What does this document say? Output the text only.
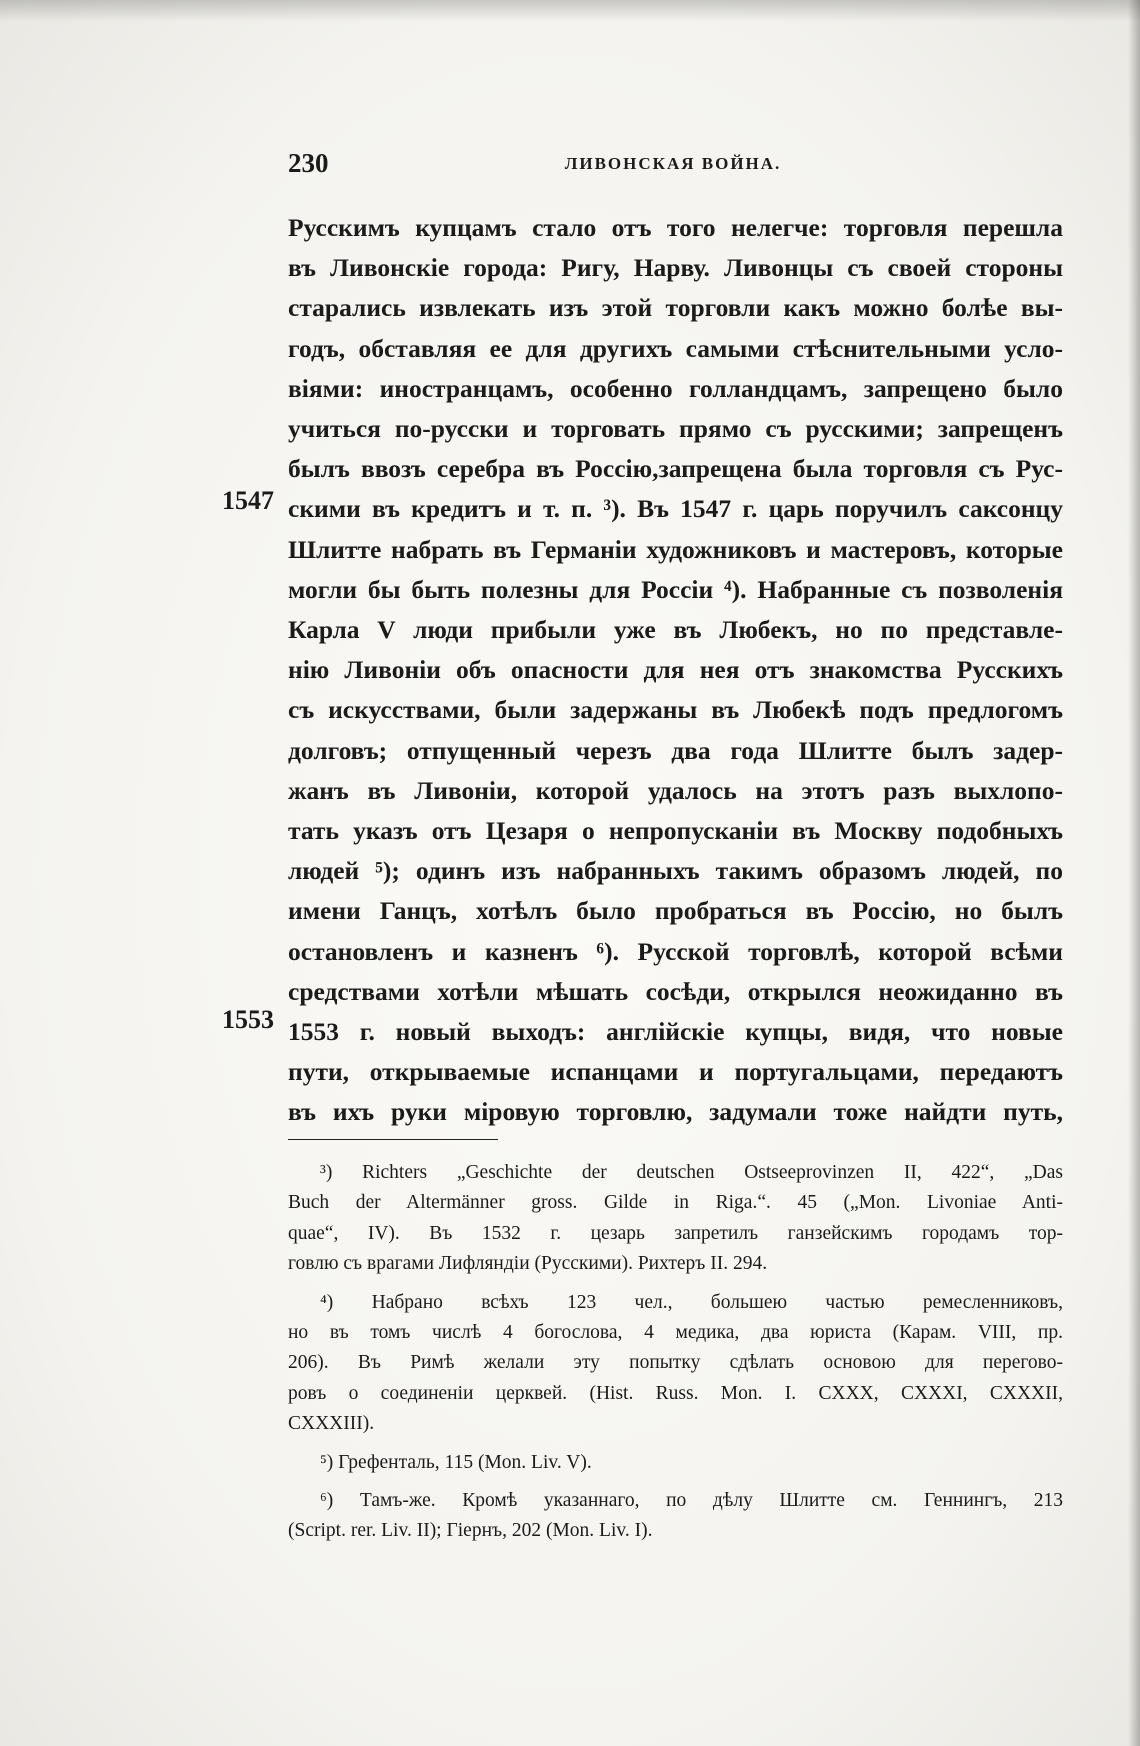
230	ЛИВОНСКАЯ ВОЙНА.
1547
1553
Русскимъ купцамъ стало отъ того нелегче: торговля перешла
въ Ливонскіе города: Ригу, Нарву. Ливонцы съ своей стороны
старались извлекать изъ этой торговли какъ можно болѣе вы-
годъ, обставляя ее для другихъ самыми стѣснительными усло-
віями: иностранцамъ, особенно голландцамъ, запрещено было
учиться по-русски и торговать прямо съ русскими; запрещенъ
былъ ввозъ серебра въ Россію,запрещена была торговля съ Рус-
скими въ кредитъ и т. п. ³). Въ 1547 г. царь поручилъ саксонцу
Шлитте набрать въ Германіи художниковъ и мастеровъ, которые
могли бы быть полезны для Россіи ⁴). Набранные съ позволенія
Карла V люди прибыли уже въ Любекъ, но по представле-
нію Ливоніи объ опасности для нея отъ знакомства Русскихъ
съ искусствами, были задержаны въ Любекѣ подъ предлогомъ
долговъ; отпущенный черезъ два года Шлитте былъ задер-
жанъ въ Ливоніи, которой удалось на этотъ разъ выхлопо-
тать указъ отъ Цезаря о непропусканіи въ Москву подобныхъ
людей ⁵); одинъ изъ набранныхъ такимъ образомъ людей, по
имени Ганцъ, хотѣлъ было пробраться въ Россію, но былъ
остановленъ и казненъ ⁶). Русской торговлѣ, которой всѣми
средствами хотѣли мѣшать сосѣди, открылся неожиданно въ
1553 г. новый выходъ: англійскіе купцы, видя, что новые
пути, открываемые испанцами и португальцами, передаютъ
въ ихъ руки міровую торговлю, задумали тоже найдти путь,
³) Richters „Geschichte der deutschen Ostseeprovinzen II, 422“, „Das
Buch der Altermänner gross. Gilde in Riga.“. 45 („Mon. Livoniae Anti-
quae“, IV). Въ 1532 г. цезарь запретилъ ганзейскимъ городамъ тор-
говлю съ врагами Лифляндіи (Русскими). Рихтеръ II. 294.
⁴) Набрано всѣхъ 123 чел., большею частью ремесленниковъ,
но въ томъ числѣ 4 богослова, 4 медика, два юриста (Карам. VIII, пр.
206). Въ Римѣ желали эту попытку сдѣлать основою для перегово-
ровъ о соединеніи церквей. (Hist. Russ. Mon. I. CXXX, CXXXI, CXXXII,
CXXXIII).
⁵) Грефенталь, 115 (Mon. Liv. V).
⁶) Тамъ-же. Кромѣ указаннаго, по дѣлу Шлитте см. Геннингъ, 213
(Script. rer. Liv. II); Гіернъ, 202 (Mon. Liv. I).
